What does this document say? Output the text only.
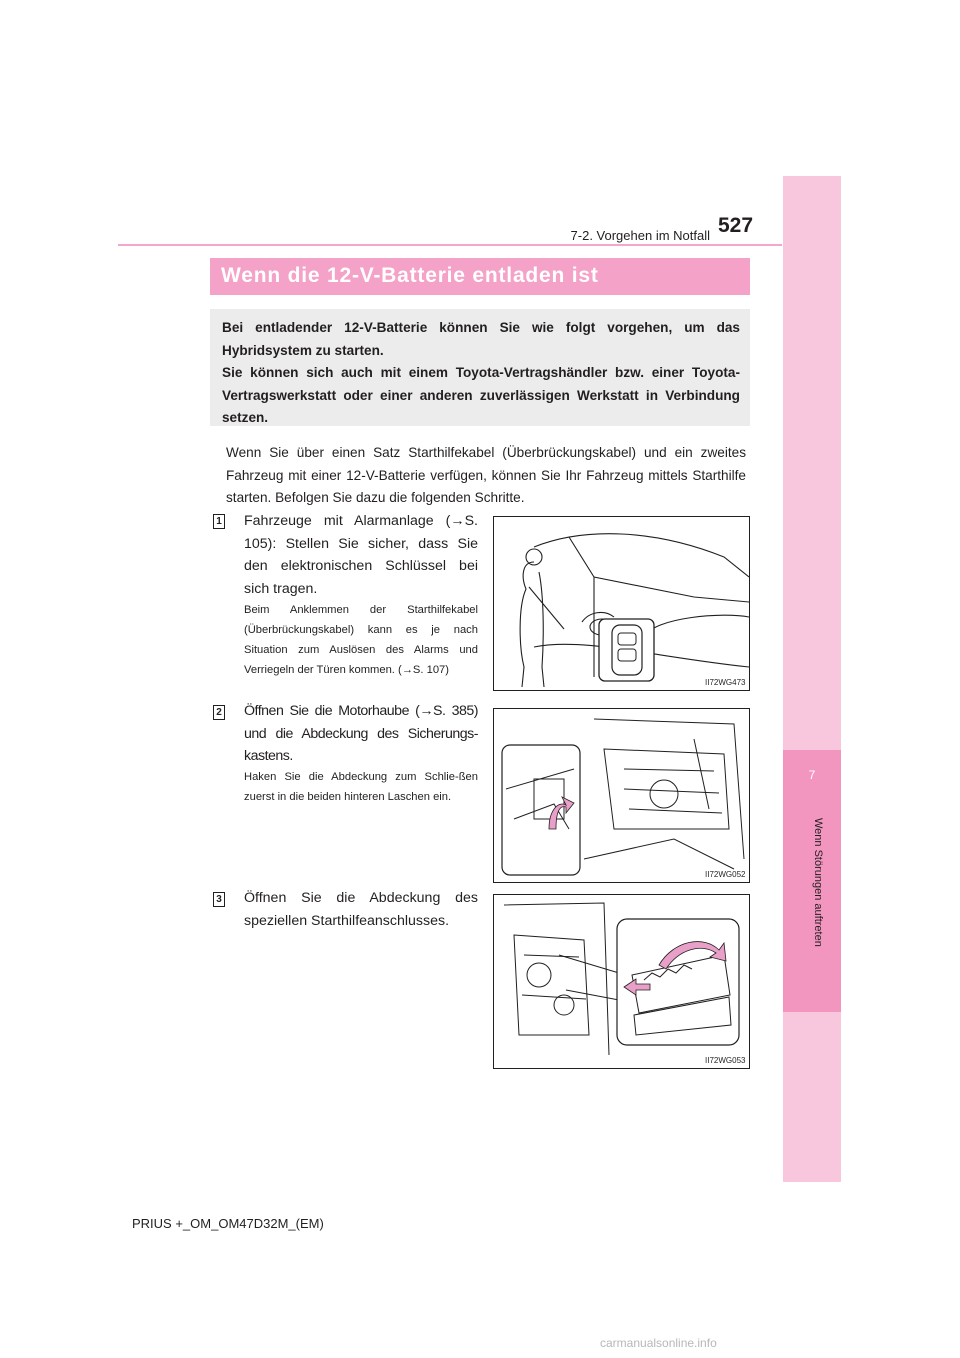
527
7-2. Vorgehen im Notfall
7
Wenn Störungen auftreten
Wenn die 12-V-Batterie entladen ist

Bei entladender 12-V-Batterie können Sie wie folgt vorgehen, um das Hybridsystem zu starten.

Sie können sich auch mit einem Toyota-Vertragshändler bzw. einer Toyota-Vertragswerkstatt oder einer anderen zuverlässigen Werkstatt in Verbindung setzen.

Wenn Sie über einen Satz Starthilfekabel (Überbrückungskabel) und ein zweites Fahrzeug mit einer 12-V-Batterie verfügen, können Sie Ihr Fahrzeug mittels Starthilfe starten. Befolgen Sie dazu die folgenden Schritte.
1 Fahrzeuge mit Alarmanlage (→S. 105): Stellen Sie sicher, dass Sie den elektronischen Schlüssel bei sich tragen.
Beim Anklemmen der Starthilfekabel (Überbrückungskabel) kann es je nach Situation zum Auslösen des Alarms und Verriegeln der Türen kommen. (→S. 107)
II72WG473
2 Öffnen Sie die Motorhaube (→S. 385) und die Abdeckung des Sicherungs-kastens.
Haken Sie die Abdeckung zum Schlie-ßen zuerst in die beiden hinteren Laschen ein.
II72WG052
3 Öffnen Sie die Abdeckung des speziellen Starthilfeanschlusses.
II72WG053
PRIUS +_OM_OM47D32M_(EM)
carmanualsonline.info
